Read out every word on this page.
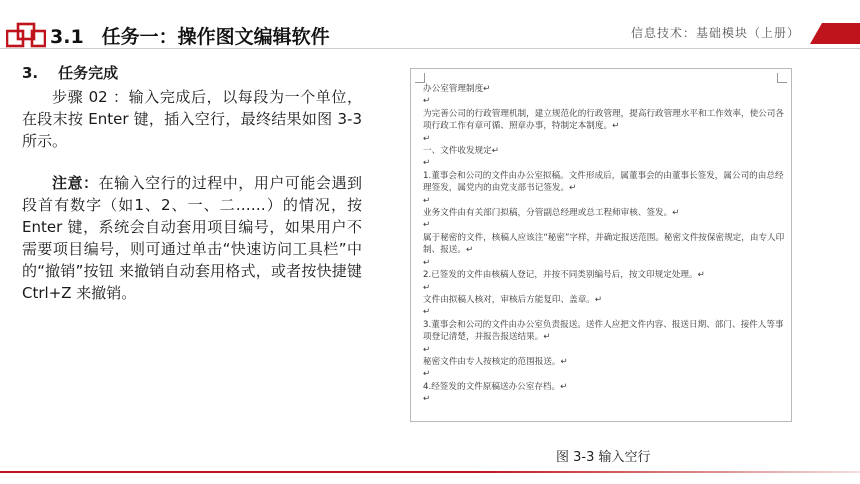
3.1 任务一：操作图文编辑软件	信息技术：基础模块（上册）
3. 任务完成

步骤 02 ：输入完成后，以每段为一个单位，在段末按 Enter 键，插入空行，最终结果如图 3-3 所示。

注意：在输入空行的过程中，用户可能会遇到段首有数字（如1、2、一、二……）的情况，按 Enter 键，系统会自动套用项目编号，如果用户不需要项目编号，则可通过单击“快速访问工具栏”中的“撤销”按钮 来撤销自动套用格式，或者按快捷键 Ctrl+Z 来撤销。

办公室管理制度↵
↵
为完善公司的行政管理机制，建立规范化的行政管理，提高行政管理水平和工作效率，使公司各项行政工作有章可循、照章办事，特制定本制度。↵
↵
一、文件收发规定↵
↵
1.董事会和公司的文件由办公室拟稿。文件形成后，属董事会的由董事长签发，属公司的由总经理签发，属党内的由党支部书记签发。↵
↵
业务文件由有关部门拟稿，分管副总经理或总工程师审核、签发。↵
↵
属于秘密的文件，核稿人应该注“秘密”字样，并确定报送范围。秘密文件按保密规定，由专人印制、报送。↵
↵
2.已签发的文件由核稿人登记，并按不同类别编号后，按文印规定处理。↵
↵
文件由拟稿人核对，审核后方能复印、盖章。↵
↵
3.董事会和公司的文件由办公室负责报送。送件人应把文件内容、报送日期、部门、接件人等事项登记清楚，并报告报送结果。↵
↵
秘密文件由专人按核定的范围报送。↵
↵
4.经签发的文件原稿送办公室存档。↵
↵
图 3-3 输入空行
